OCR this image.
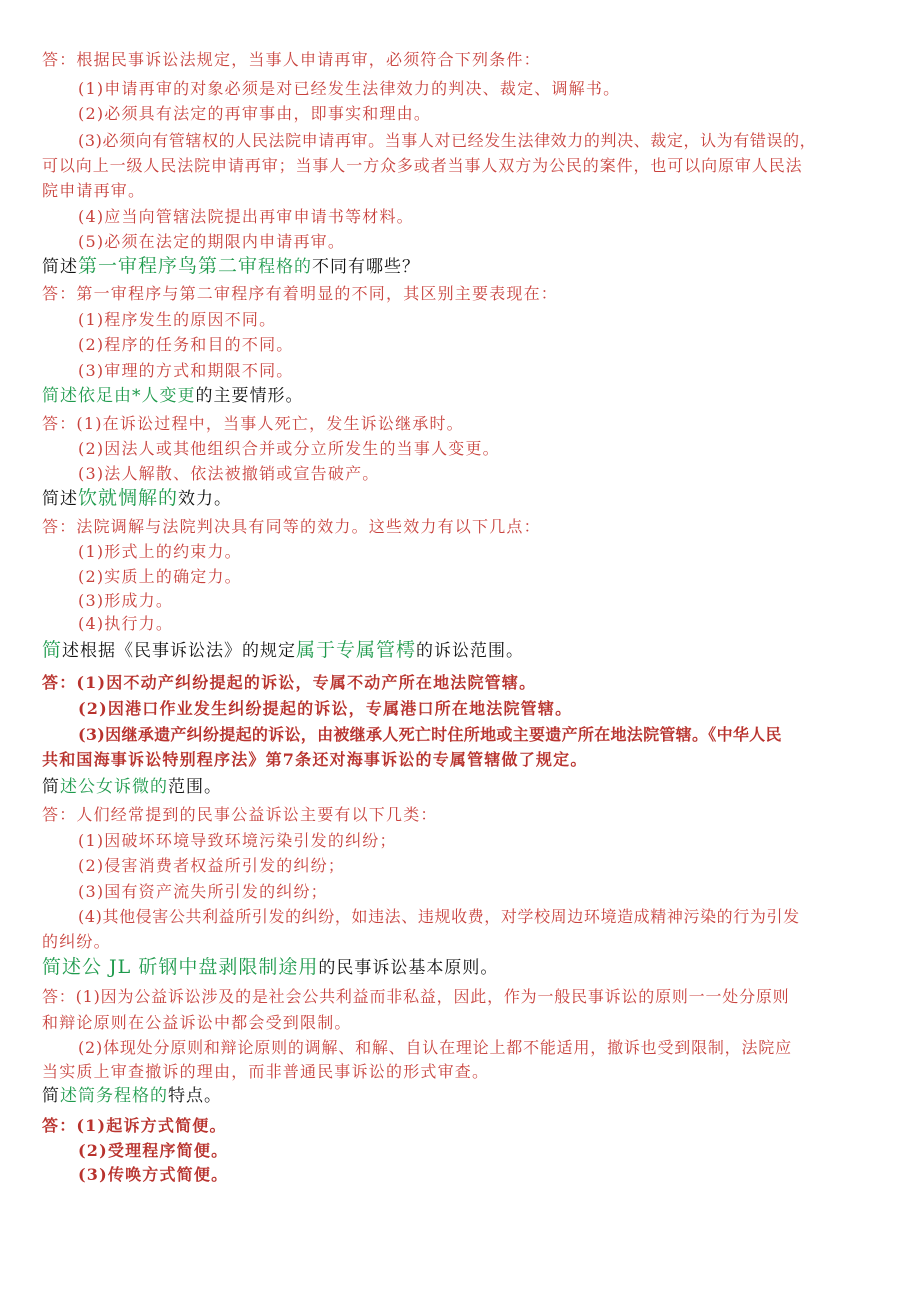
答：根据民事诉讼法规定，当事人申请再审，必须符合下列条件：

(1)申请再审的对象必须是对已经发生法律效力的判决、裁定、调解书。

(2)必须具有法定的再审事由，即事实和理由。

(3)必须向有管辖权的人民法院申请再审。当事人对已经发生法律效力的判决、裁定，认为有错误的，

可以向上一级人民法院申请再审；当事人一方众多或者当事人双方为公民的案件，也可以向原审人民法

院申请再审。

(4)应当向管辖法院提出再审申请书等材料。

(5)必须在法定的期限内申请再审。

简述第一审程序鸟第二审程格的不同有哪些？

答：第一审程序与第二审程序有着明显的不同，其区别主要表现在：

(1)程序发生的原因不同。

(2)程序的任务和目的不同。

(3)审理的方式和期限不同。

简述依足由*人变更的主要情形。

答：(1)在诉讼过程中，当事人死亡，发生诉讼继承时。

(2)因法人或其他组织合并或分立所发生的当事人变更。

(3)法人解散、依法被撤销或宣告破产。

简述饮就惆解的效力。

答：法院调解与法院判决具有同等的效力。这些效力有以下几点：

(1)形式上的约束力。

(2)实质上的确定力。

(3)形成力。

(4)执行力。

简述根据《民事诉讼法》的规定属于专属管樗的诉讼范围。

答：(1)因不动产纠纷提起的诉讼，专属不动产所在地法院管辖。

(2)因港口作业发生纠纷提起的诉讼，专属港口所在地法院管辖。

(3)因继承遗产纠纷提起的诉讼，由被继承人死亡时住所地或主要遗产所在地法院管辖。《中华人民

共和国海事诉讼特别程序法》第7条还对海事诉讼的专属管辖做了规定。

简述公女诉微的范围。

答：人们经常提到的民事公益诉讼主要有以下几类：

(1)因破坏环境导致环境污染引发的纠纷；

(2)侵害消费者权益所引发的纠纷；

(3)国有资产流失所引发的纠纷；

(4)其他侵害公共利益所引发的纠纷，如违法、违规收费，对学校周边环境造成精神污染的行为引发

的纠纷。

简述公 JL 斫钢中盘剥限制途用的民事诉讼基本原则。

答：(1)因为公益诉讼涉及的是社会公共利益而非私益，因此，作为一般民事诉讼的原则一一处分原则

和辩论原则在公益诉讼中都会受到限制。

(2)体现处分原则和辩论原则的调解、和解、自认在理论上都不能适用，撤诉也受到限制，法院应

当实质上审查撤诉的理由，而非普通民事诉讼的形式审查。

简述筒务程格的特点。

答：(1)起诉方式简便。

(2)受理程序简便。

(3)传唤方式简便。
